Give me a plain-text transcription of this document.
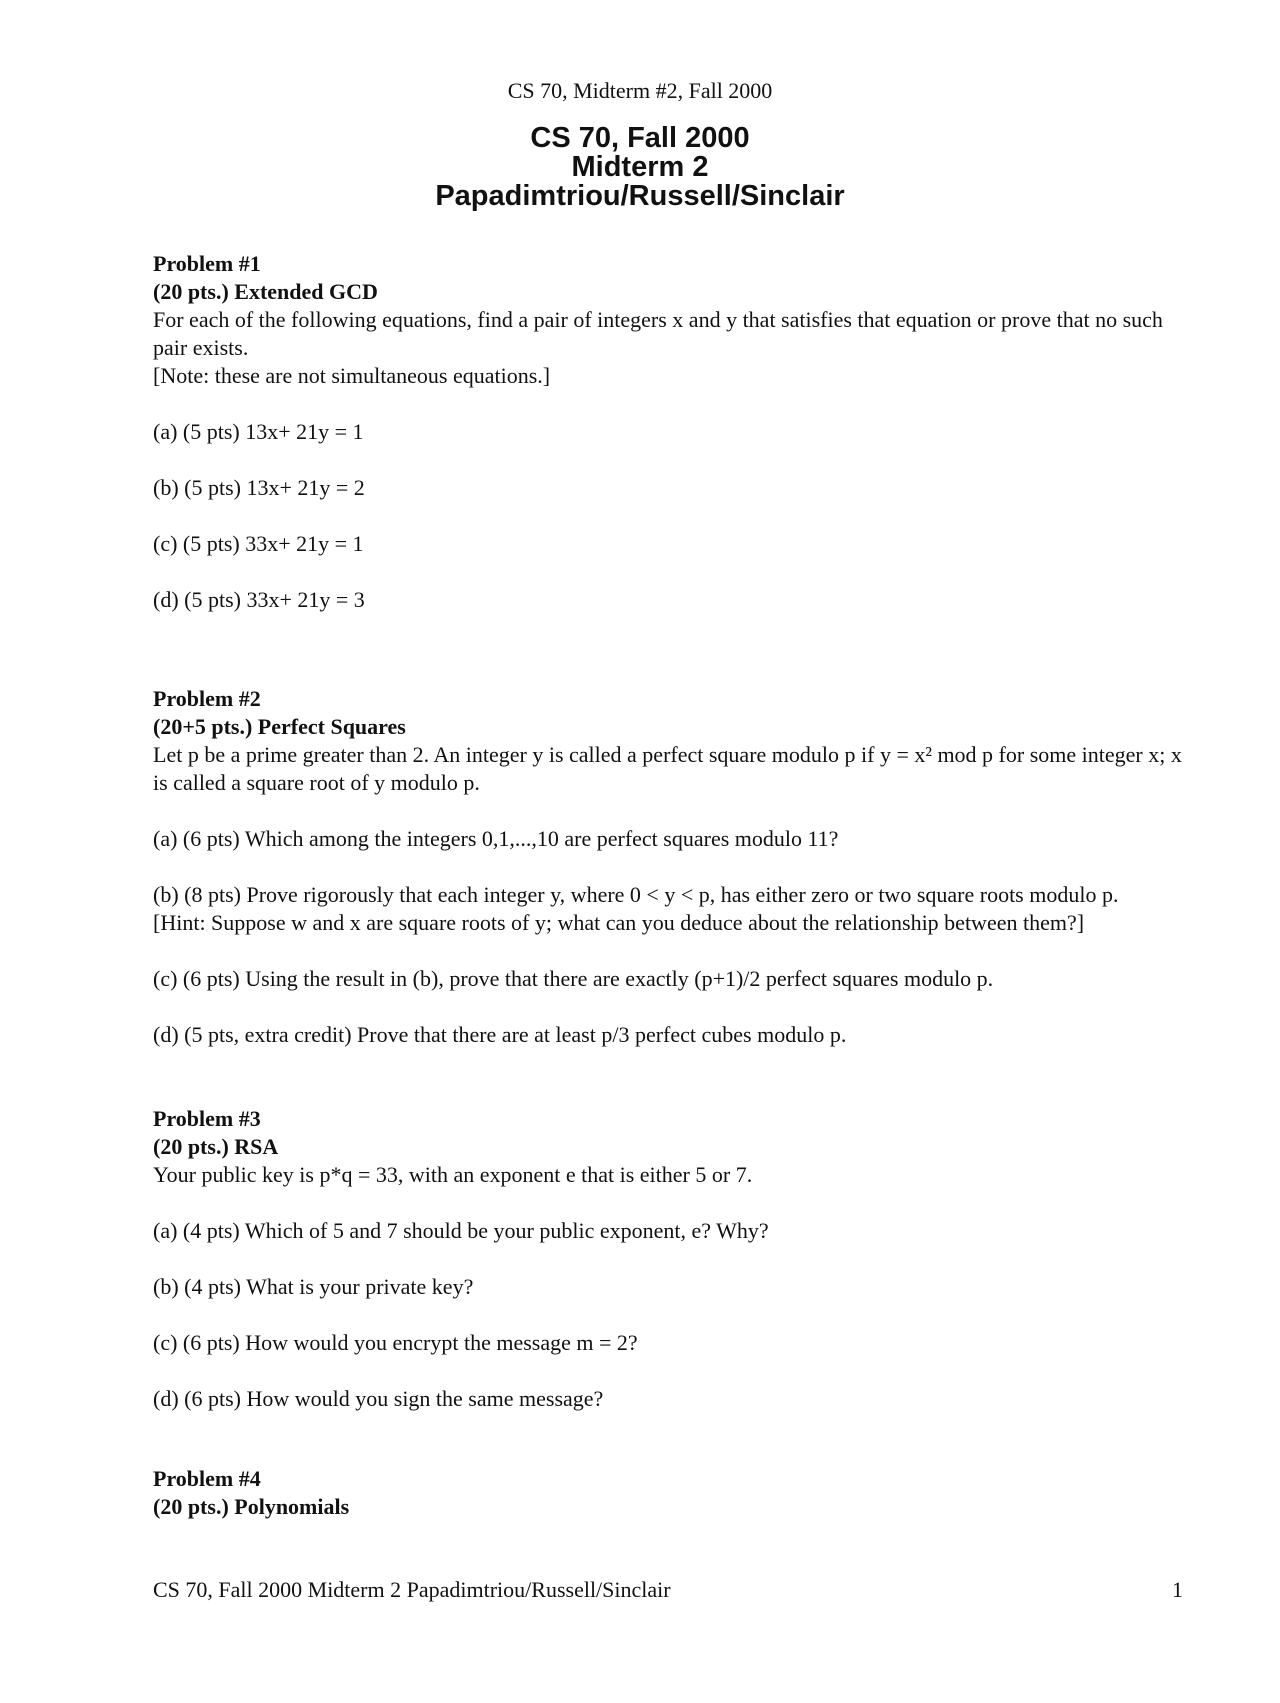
CS 70, Midterm #2, Fall 2000
CS 70, Fall 2000
Midterm 2
Papadimtriou/Russell/Sinclair
Problem #1
(20 pts.) Extended GCD
For each of the following equations, find a pair of integers x and y that satisfies that equation or prove that no such pair exists.
[Note: these are not simultaneous equations.]
(a) (5 pts) 13x+ 21y = 1
(b) (5 pts) 13x+ 21y = 2
(c) (5 pts) 33x+ 21y = 1
(d) (5 pts) 33x+ 21y = 3
Problem #2
(20+5 pts.) Perfect Squares
Let p be a prime greater than 2. An integer y is called a perfect square modulo p if y = x² mod p for some integer x; x is called a square root of y modulo p.
(a) (6 pts) Which among the integers 0,1,...,10 are perfect squares modulo 11?
(b) (8 pts) Prove rigorously that each integer y, where 0 < y < p, has either zero or two square roots modulo p.
[Hint: Suppose w and x are square roots of y; what can you deduce about the relationship between them?]
(c) (6 pts) Using the result in (b), prove that there are exactly (p+1)/2 perfect squares modulo p.
(d) (5 pts, extra credit) Prove that there are at least p/3 perfect cubes modulo p.
Problem #3
(20 pts.) RSA
Your public key is p*q = 33, with an exponent e that is either 5 or 7.
(a) (4 pts) Which of 5 and 7 should be your public exponent, e? Why?
(b) (4 pts) What is your private key?
(c) (6 pts) How would you encrypt the message m = 2?
(d) (6 pts) How would you sign the same message?
Problem #4
(20 pts.) Polynomials
CS 70, Fall 2000 Midterm 2 Papadimtriou/Russell/Sinclair	1
